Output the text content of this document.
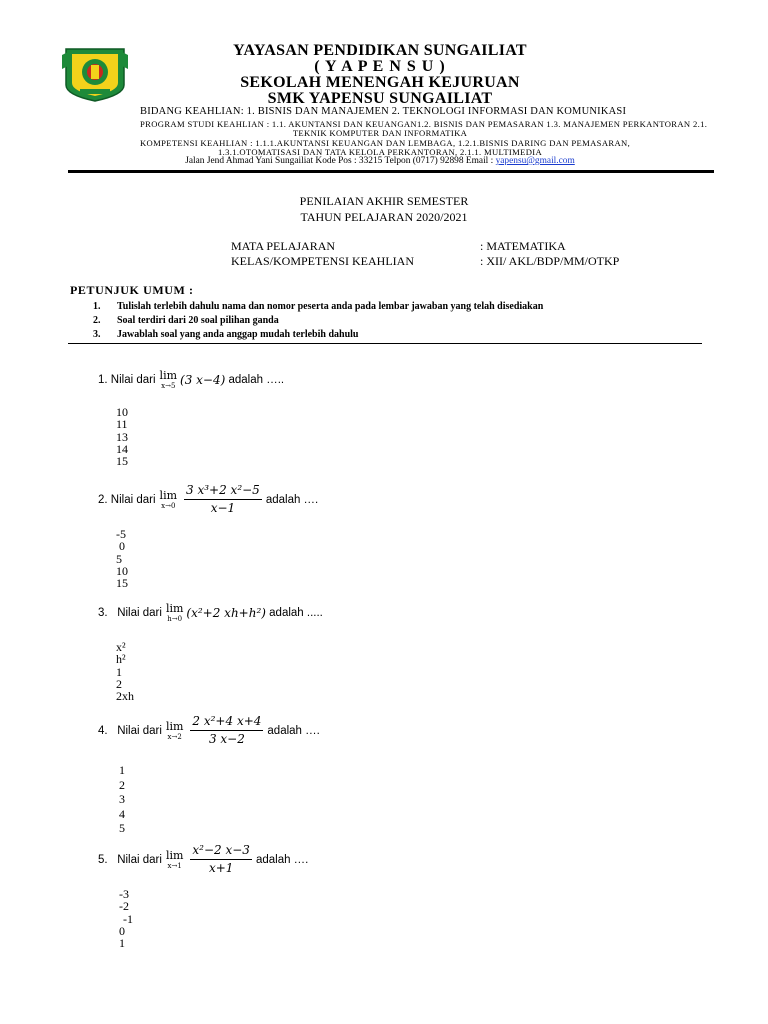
YAYASAN PENDIDIKAN SUNGAILIAT
( Y A P E N S U )
SEKOLAH MENENGAH KEJURUAN
SMK YAPENSU SUNGAILIAT
BIDANG KEAHLIAN: 1. BISNIS DAN MANAJEMEN 2. TEKNOLOGI INFORMASI DAN KOMUNIKASI
PROGRAM STUDI KEAHLIAN : 1.1. AKUNTANSI DAN KEUANGAN1.2. BISNIS DAN PEMASARAN 1.3. MANAJEMEN PERKANTORAN 2.1.
TEKNIK KOMPUTER DAN INFORMATIKA
KOMPETENSI KEAHLIAN : 1.1.1.AKUNTANSI KEUANGAN DAN LEMBAGA, 1.2.1.BISNIS DARING DAN PEMASARAN,
1.3.1.OTOMATISASI DAN TATA KELOLA PERKANTORAN, 2.1.1. MULTIMEDIA
Jalan Jend Ahmad Yani Sungailiat Kode Pos : 33215 Telpon (0717) 92898 Email : yapensu@gmail.com
PENILAIAN AKHIR SEMESTER
TAHUN PELAJARAN 2020/2021
MATA PELAJARAN	: MATEMATIKA
KELAS/KOMPETENSI KEAHLIAN	: XII/ AKL/BDP/MM/OTKP
PETUNJUK UMUM :
1. Tulislah terlebih dahulu nama dan nomor peserta anda pada lembar jawaban yang telah disediakan
2. Soal terdiri dari 20 soal pilihan ganda
3. Jawablah soal yang anda anggap mudah terlebih dahulu
1.
Nilai dari lim
x→5 (3 x−4)
adalah …..
10
11
13
14
15
2.
Nilai dari lim
$x\to 0 \frac{\text{3 x³+2 x²−5}}{x-1}$ adalah ….
-5
0
5
10
15
3.
Nilai dari lim
h→0 (x²+2 xh+h²)
adalah .....
x²
h²
1
2
2xh
4.
Nilai dari lim
$x\to 2 \frac{\text{2 x²+4 x+4}}{3 x-2}$ adalah ….
1
2
3
4
5
5.
Nilai dari lim
$x\to 1 \frac{\text{x²−2 x−3}}{x+1}$ adalah ….
-3
-2
-1
0
1
